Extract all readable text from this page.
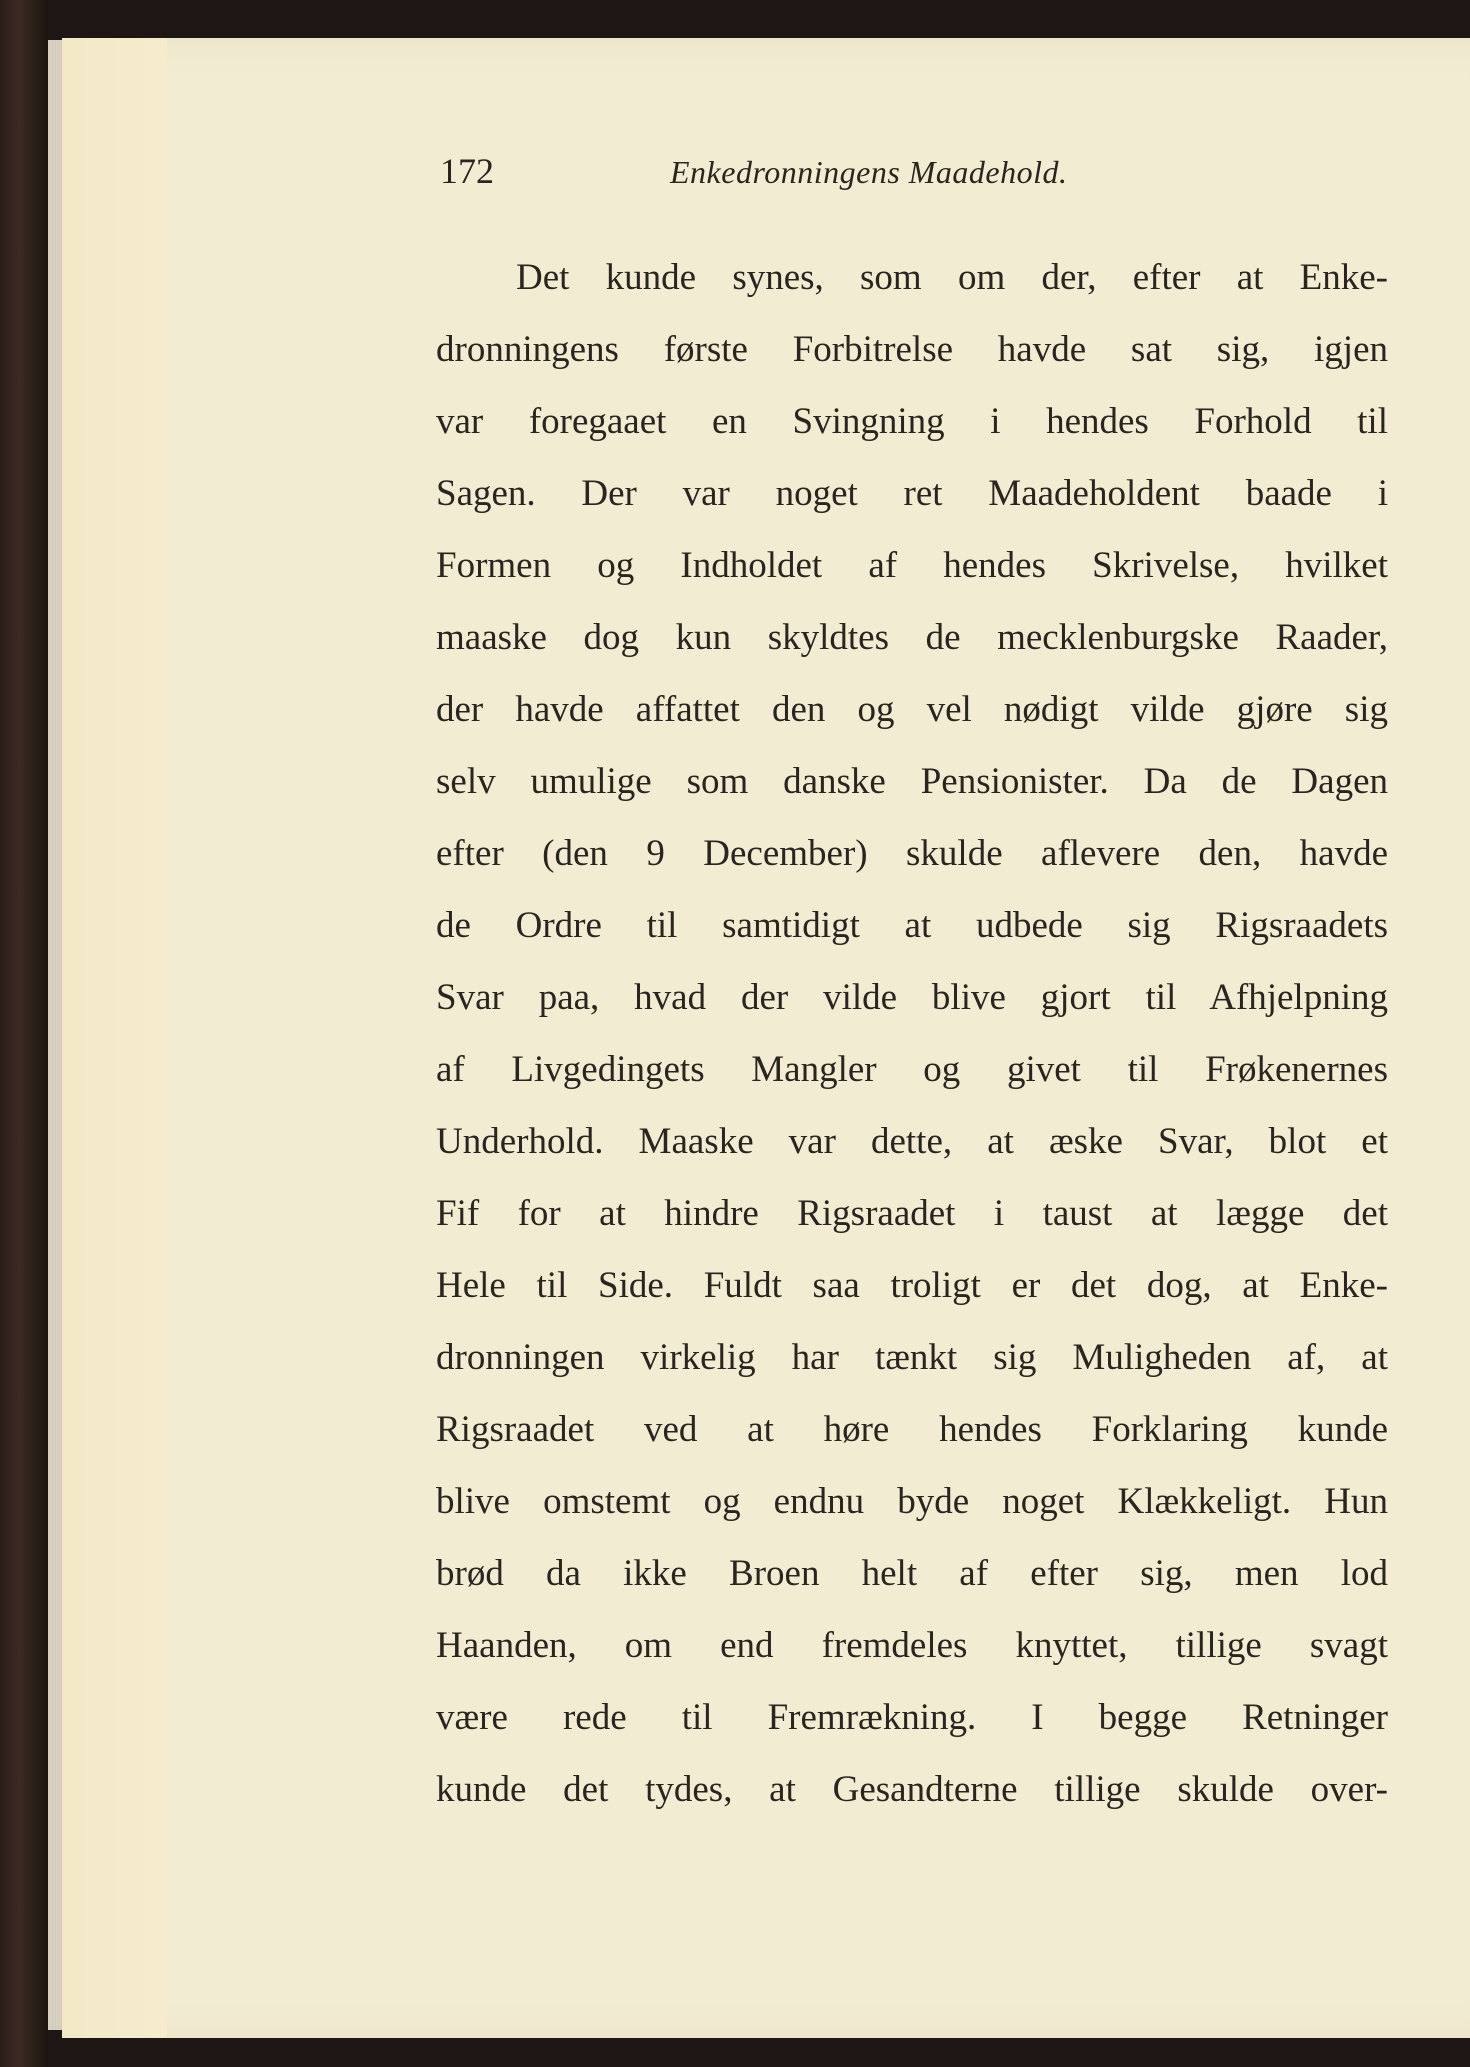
172	Enkedronningens Maadehold.
Det kunde synes, som om der, efter at Enke-
dronningens første Forbitrelse havde sat sig, igjen
var foregaaet en Svingning i hendes Forhold til
Sagen. Der var noget ret Maadeholdent baade i
Formen og Indholdet af hendes Skrivelse, hvilket
maaske dog kun skyldtes de mecklenburgske Raader,
der havde affattet den og vel nødigt vilde gjøre sig
selv umulige som danske Pensionister. Da de Dagen
efter (den 9 December) skulde aflevere den, havde
de Ordre til samtidigt at udbede sig Rigsraadets
Svar paa, hvad der vilde blive gjort til Afhjelpning
af Livgedingets Mangler og givet til Frøkenernes
Underhold. Maaske var dette, at æske Svar, blot et
Fif for at hindre Rigsraadet i taust at lægge det
Hele til Side. Fuldt saa troligt er det dog, at Enke-
dronningen virkelig har tænkt sig Muligheden af, at
Rigsraadet ved at høre hendes Forklaring kunde
blive omstemt og endnu byde noget Klækkeligt. Hun
brød da ikke Broen helt af efter sig, men lod
Haanden, om end fremdeles knyttet, tillige svagt
være rede til Fremrækning. I begge Retninger
kunde det tydes, at Gesandterne tillige skulde over-
